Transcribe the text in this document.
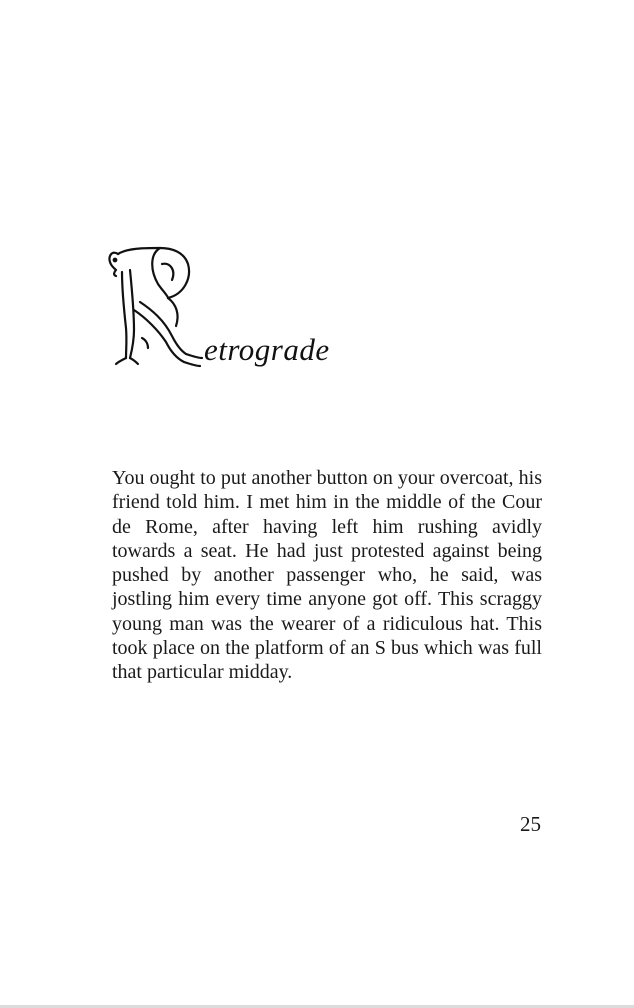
etrograde

You ought to put another button on your overcoat, his friend told him. I met him in the middle of the Cour de Rome, after having left him rushing avidly towards a seat. He had just protested against being pushed by another passenger who, he said, was jostling him every time anyone got off. This scraggy young man was the wearer of a ridiculous hat. This took place on the platform of an S bus which was full that particular midday.

25
